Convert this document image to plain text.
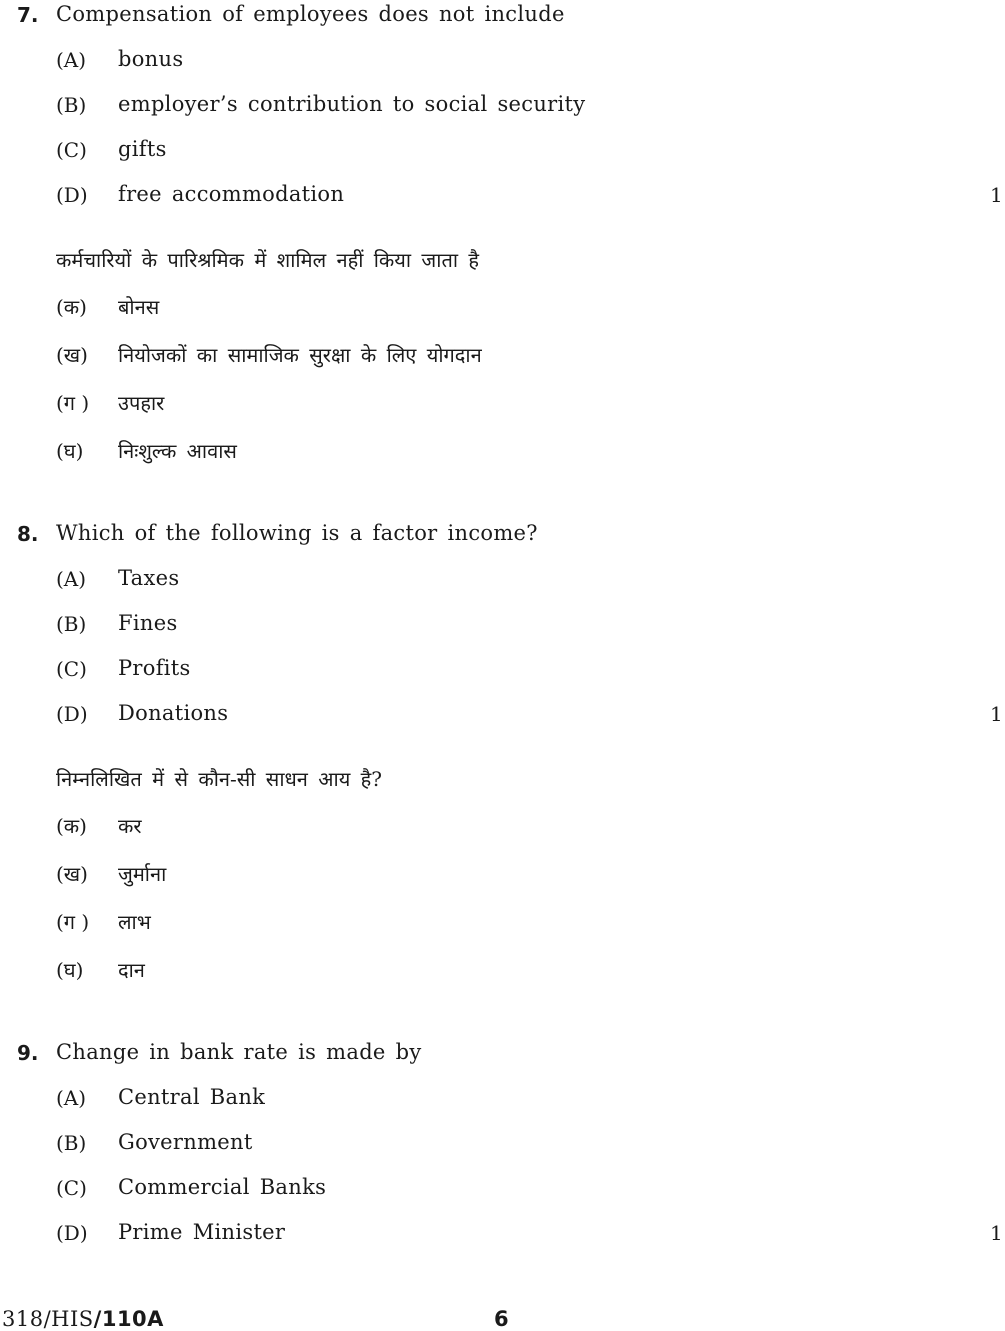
7. Compensation of employees does not include
(A) bonus
(B) employer’s contribution to social security
(C) gifts
(D) free accommodation	1
कर्मचारियों के पारिश्रमिक में शामिल नहीं किया जाता है
(क) बोनस
(ख) नियोजकों का सामाजिक सुरक्षा के लिए योगदान
(ग ) उपहार
(घ) निःशुल्क आवास
8. Which of the following is a factor income?
(A) Taxes
(B) Fines
(C) Profits
(D) Donations	1
निम्नलिखित में से कौन-सी साधन आय है?
(क) कर
(ख) जुर्माना
(ग ) लाभ
(घ) दान
9. Change in bank rate is made by
(A) Central Bank
(B) Government
(C) Commercial Banks
(D) Prime Minister	1
318/HIS/110A	6
